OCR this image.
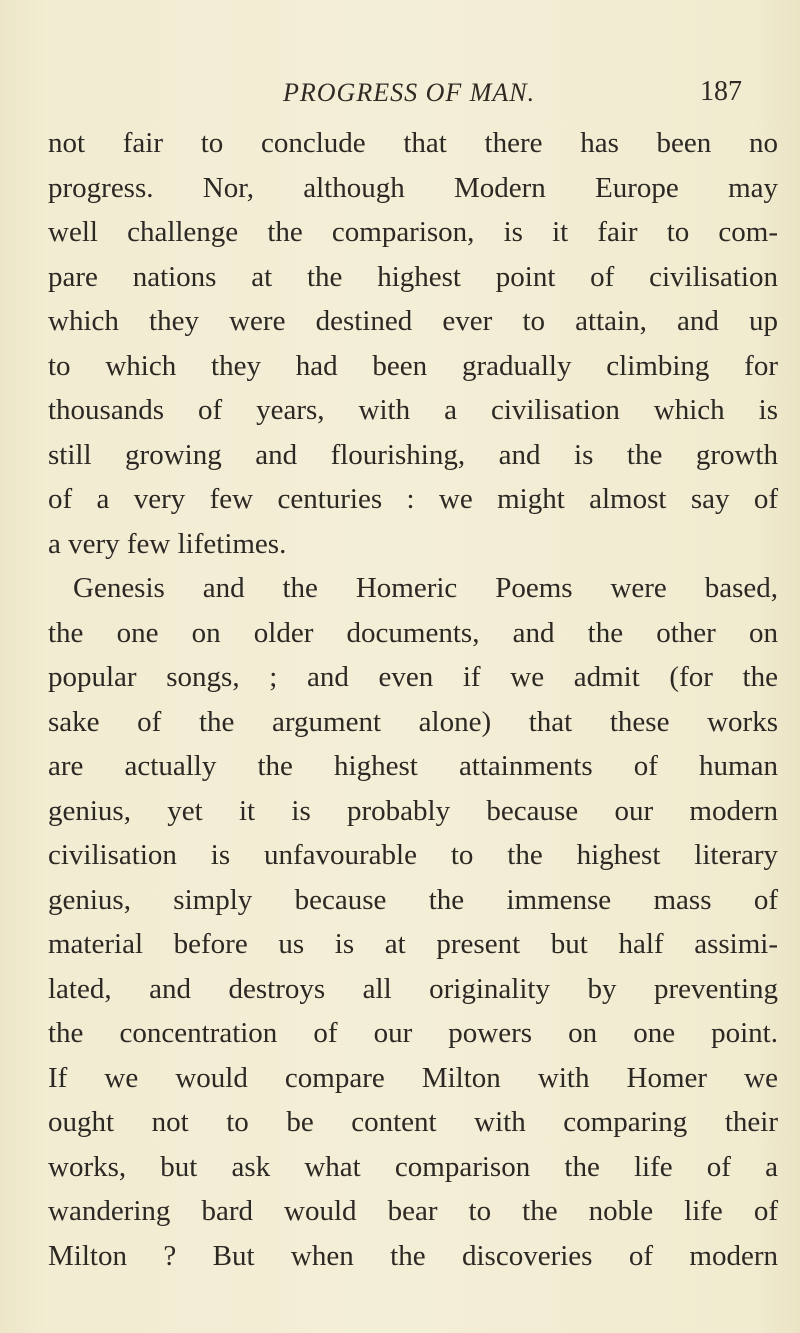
PROGRESS OF MAN.	187
not fair to conclude that there has been no
progress. Nor, although Modern Europe may
well challenge the comparison, is it fair to com-
pare nations at the highest point of civilisation
which they were destined ever to attain, and up
to which they had been gradually climbing for
thousands of years, with a civilisation which is
still growing and flourishing, and is the growth
of a very few centuries : we might almost say of
a very few lifetimes.
Genesis and the Homeric Poems were based,
the one on older documents, and the other on
popular songs, ; and even if we admit (for the
sake of the argument alone) that these works
are actually the highest attainments of human
genius, yet it is probably because our modern
civilisation is unfavourable to the highest literary
genius, simply because the immense mass of
material before us is at present but half assimi-
lated, and destroys all originality by preventing
the concentration of our powers on one point.
If we would compare Milton with Homer we
ought not to be content with comparing their
works, but ask what comparison the life of a
wandering bard would bear to the noble life of
Milton ? But when the discoveries of modern
